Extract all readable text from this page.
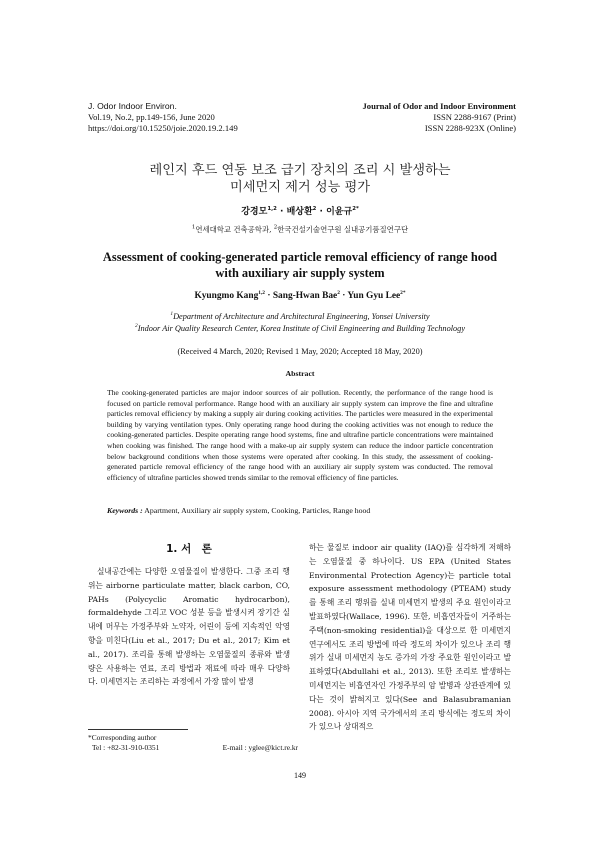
J. Odor Indoor Environ.
Vol.19, No.2, pp.149-156, June 2020
https://doi.org/10.15250/joie.2020.19.2.149
Journal of Odor and Indoor Environment
ISSN 2288-9167 (Print)
ISSN 2288-923X (Online)
레인지 후드 연동 보조 급기 장치의 조리 시 발생하는
미세먼지 제거 성능 평가
강경모$^{1,2}$ · 배상환$^2$ · 이윤규$^{2*}$
$^1$연세대학교 건축공학과, $^2$한국건설기술연구원 실내공기품질연구단
Assessment of cooking-generated particle removal efficiency of range hood
with auxiliary air supply system
Kyungmo Kang$^{1,2}$ · Sang-Hwan Bae$^2$ · Yun Gyu Lee$^{2*}$
$^1$Department of Architecture and Architectural Engineering, Yonsei University
$^2$Indoor Air Quality Research Center, Korea Institute of Civil Engineering and Building Technology
(Received 4 March, 2020; Revised 1 May, 2020; Accepted 18 May, 2020)
Abstract
The cooking-generated particles are major indoor sources of air pollution. Recently, the performance of the range hood is focused on particle removal performance. Range hood with an auxiliary air supply system can improve the fine and ultrafine particles removal efficiency by making a supply air during cooking activities. The particles were measured in the experimental building by varying ventilation types. Only operating range hood during the cooking activities was not enough to reduce the cooking-generated particles. Despite operating range hood systems, fine and ultrafine particle concentrations were maintained when cooking was finished. The range hood with a make-up air supply system can reduce the indoor particle concentration below background conditions when those systems were operated after cooking. In this study, the assessment of cooking-generated particle removal efficiency of the range hood with an auxiliary air supply system was conducted. The removal efficiency of ultrafine particles showed trends similar to the removal efficiency of fine particles.
Keywords : Apartment, Auxiliary air supply system, Cooking, Particles, Range hood
1. 서　론

실내공간에는 다양한 오염물질이 발생한다. 그중 조리 행위는 airborne particulate matter, black carbon, CO, PAHs (Polycyclic Aromatic hydrocarbon), formaldehyde 그리고 VOC 성분 등을 발생시켜 장기간 실내에 머무는 가정주부와 노약자, 어린이 등에 지속적인 악영향을 미친다(Liu et al., 2017; Du et al., 2017; Kim et al., 2017). 조리를 통해 발생하는 오염물질의 종류와 발생량은 사용하는 연료, 조리 방법과 재료에 따라 매우 다양하다. 미세먼지는 조리하는 과정에서 가장 많이 발생

하는 물질로 indoor air quality (IAQ)를 심각하게 저해하는 오염물질 중 하나이다. US EPA (United States Environmental Protection Agency)는 particle total exposure assessment methodology (PTEAM) study를 통해 조리 행위를 실내 미세먼지 발생의 주요 원인이라고 발표하였다(Wallace, 1996). 또한, 비흡연자들이 거주하는 주택(non-smoking residential)을 대상으로 한 미세먼지 연구에서도 조리 방법에 따라 정도의 차이가 있으나 조리 행위가 실내 미세먼지 농도 증가의 가장 주요한 원인이라고 발표하였다(Abdullahi et al., 2013). 또한 조리로 발생하는 미세먼지는 비흡연자인 가정주부의 암 발병과 상관관계에 있다는 것이 밝혀지고 있다(See and Balasubramanian 2008). 아시아 지역 국가에서의 조리 방식에는 정도의 차이가 있으나 상대적으

*Corresponding author
Tel : +82-31-910-0351	E-mail : yglee@kict.re.kr
149
